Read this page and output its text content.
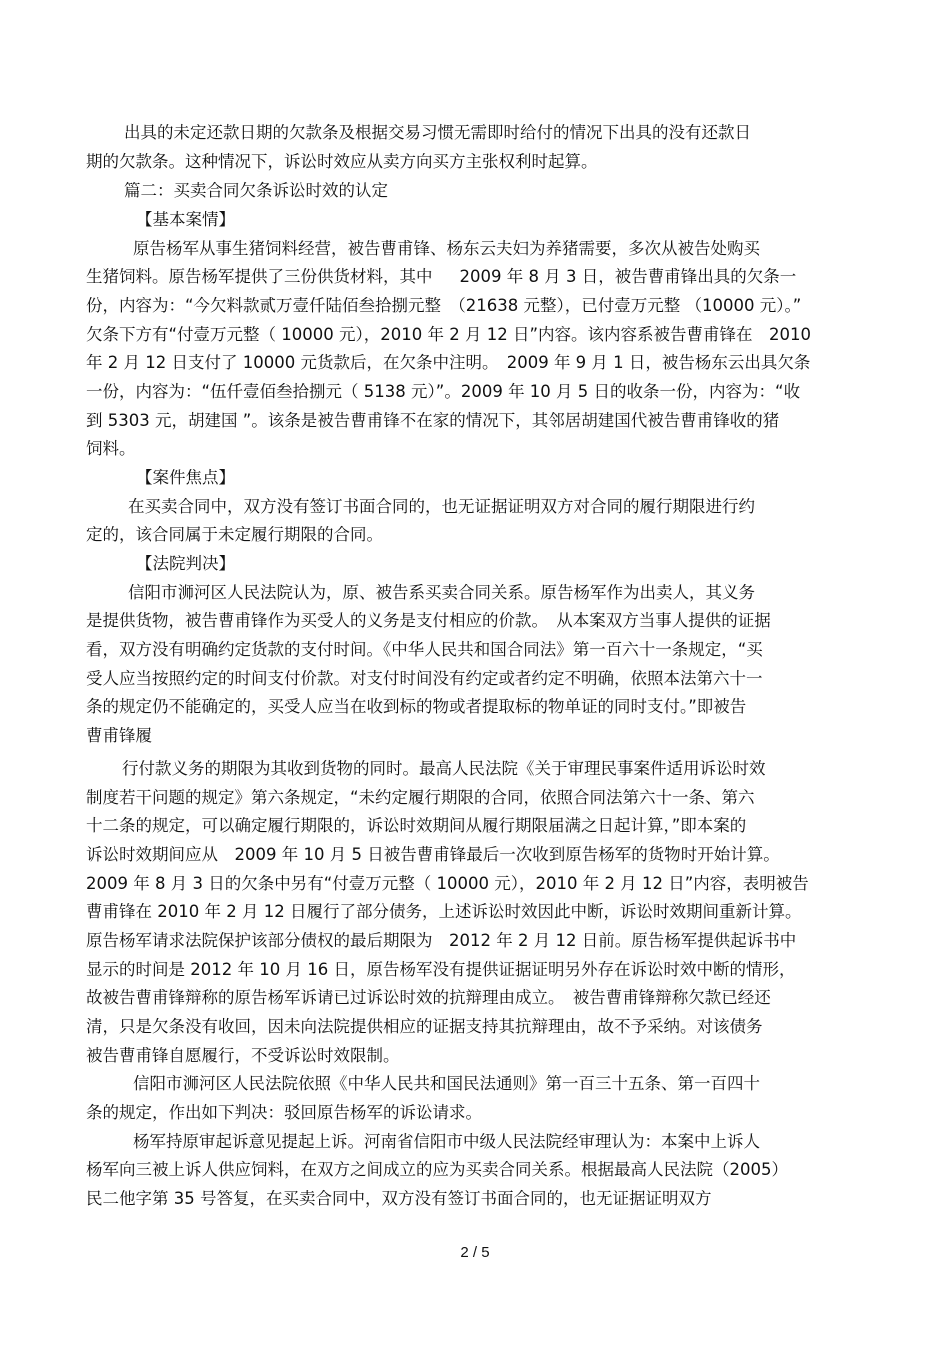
出具的未定还款日期的欠款条及根据交易习惯无需即时给付的情况下出具的没有还款日
期的欠款条。这种情况下，诉讼时效应从卖方向买方主张权利时起算。
篇二：买卖合同欠条诉讼时效的认定
【基本案情】
原告杨军从事生猪饲料经营，被告曹甫锋、杨东云夫妇为养猪需要，多次从被告处购买
生猪饲料。原告杨军提供了三份供货材料，其中　  2009 年 8 月 3 日，被告曹甫锋出具的欠条一
份，内容为：“今欠料款贰万壹仟陆佰叁拾捌元整　（21638 元整），已付壹万元整 （10000 元）。”
欠条下方有“付壹万元整（ 10000 元），2010 年 2 月 12 日”内容。该内容系被告曹甫锋在　2010
年 2 月 12 日支付了 10000 元货款后，在欠条中注明。　2009 年 9 月 1 日，被告杨东云出具欠条
一份，内容为：“伍仟壹佰叁拾捌元（ 5138 元）”。2009 年 10 月 5 日的收条一份，内容为：“收
到 5303 元，胡建国 ”。该条是被告曹甫锋不在家的情况下，其邻居胡建国代被告曹甫锋收的猪
饲料。
【案件焦点】
在买卖合同中，双方没有签订书面合同的，也无证据证明双方对合同的履行期限进行约
定的，该合同属于未定履行期限的合同。
【法院判决】
信阳市浉河区人民法院认为，原、被告系买卖合同关系。原告杨军作为出卖人，其义务
是提供货物，被告曹甫锋作为买受人的义务是支付相应的价款。　从本案双方当事人提供的证据
看，双方没有明确约定货款的支付时间。《中华人民共和国合同法》第一百六十一条规定，“买
受人应当按照约定的时间支付价款。对支付时间没有约定或者约定不明确，依照本法第六十一
条的规定仍不能确定的，买受人应当在收到标的物或者提取标的物单证的同时支付。”即被告
曹甫锋履
行付款义务的期限为其收到货物的同时。最高人民法院《关于审理民事案件适用诉讼时效
制度若干问题的规定》第六条规定，“未约定履行期限的合同，依照合同法第六十一条、第六
十二条的规定，可以确定履行期限的，诉讼时效期间从履行期限届满之日起计算，”即本案的
诉讼时效期间应从　2009 年 10 月 5 日被告曹甫锋最后一次收到原告杨军的货物时开始计算。
2009 年 8 月 3 日的欠条中另有“付壹万元整（ 10000 元），2010 年 2 月 12 日”内容，表明被告
曹甫锋在 2010 年 2 月 12 日履行了部分债务，上述诉讼时效因此中断，诉讼时效期间重新计算。
原告杨军请求法院保护该部分债权的最后期限为　2012 年 2 月 12 日前。原告杨军提供起诉书中
显示的时间是 2012 年 10 月 16 日，原告杨军没有提供证据证明另外存在诉讼时效中断的情形，
故被告曹甫锋辩称的原告杨军诉请已过诉讼时效的抗辩理由成立。　被告曹甫锋辩称欠款已经还
清，只是欠条没有收回，因未向法院提供相应的证据支持其抗辩理由，故不予采纳。对该债务
被告曹甫锋自愿履行，不受诉讼时效限制。
信阳市浉河区人民法院依照《中华人民共和国民法通则》第一百三十五条、第一百四十
条的规定，作出如下判决：驳回原告杨军的诉讼请求。
杨军持原审起诉意见提起上诉。河南省信阳市中级人民法院经审理认为：本案中上诉人
杨军向三被上诉人供应饲料，在双方之间成立的应为买卖合同关系。根据最高人民法院（2005）
民二他字第 35 号答复，在买卖合同中，双方没有签订书面合同的，也无证据证明双方
2 / 5
